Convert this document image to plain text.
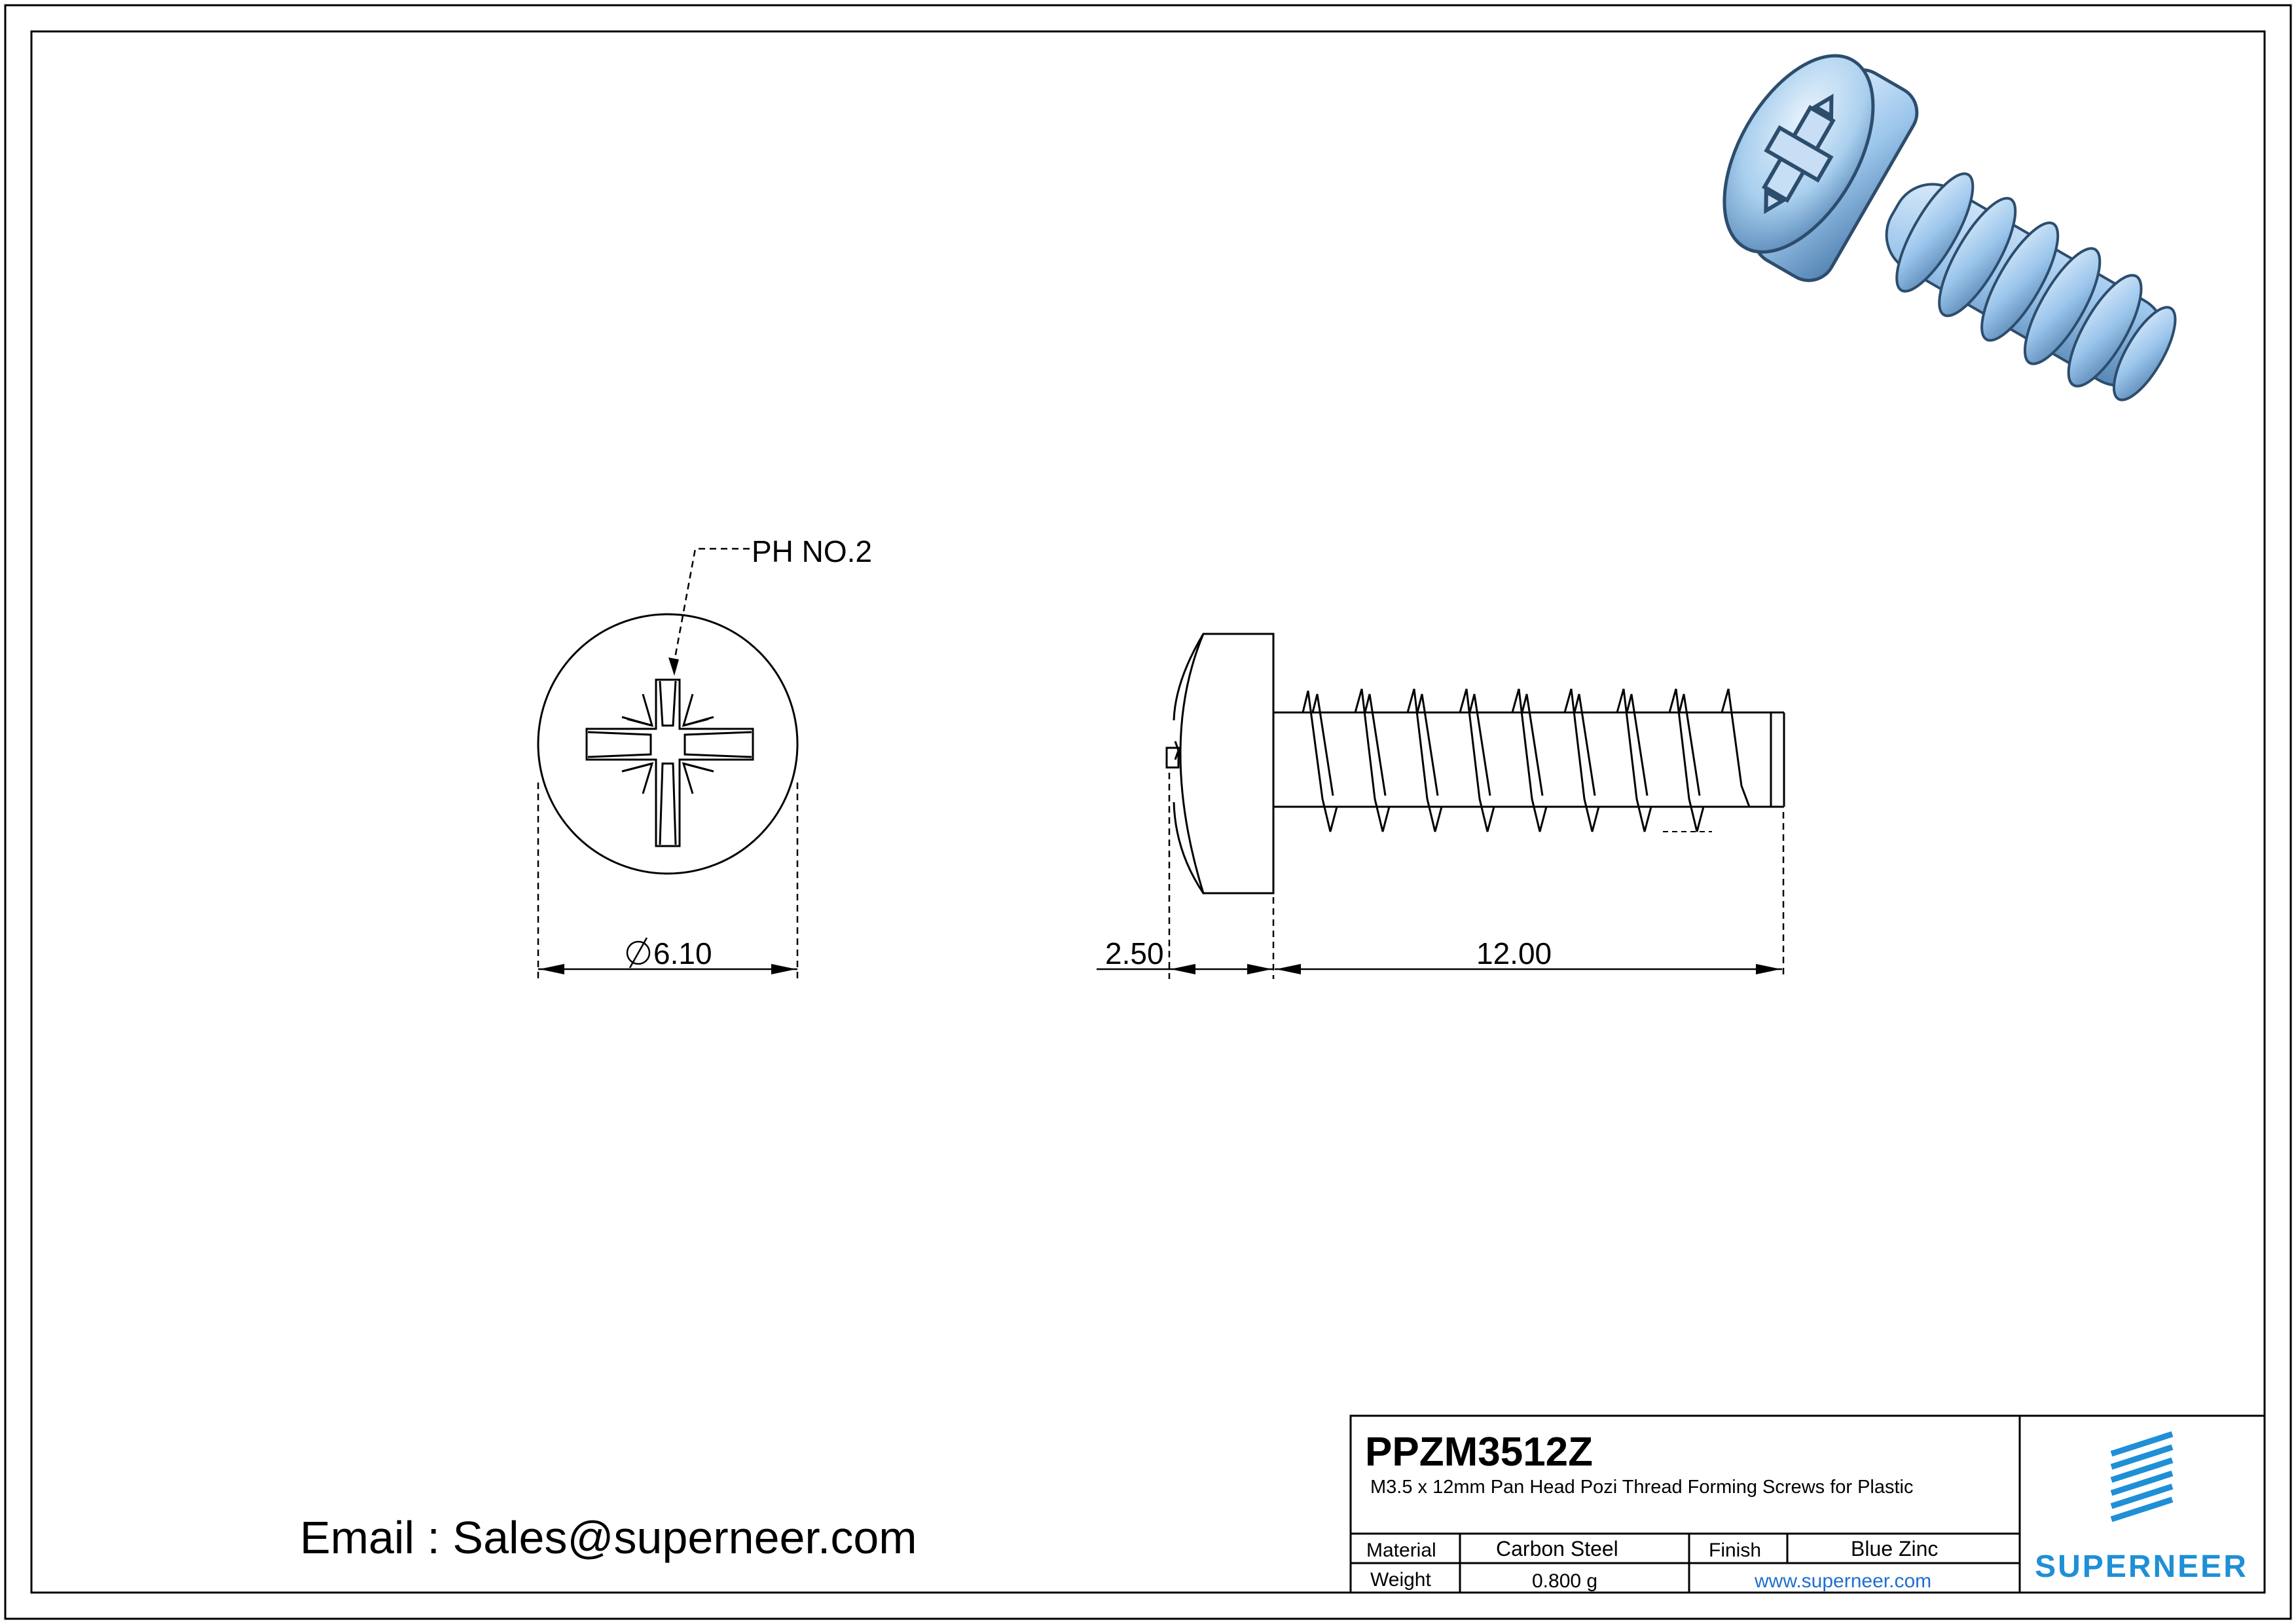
PH NO.2
6.10	2.50	12.00
Email : Sales@superneer.com
PPZM3512Z
M3.5 x 12mm Pan Head Pozi Thread Forming Screws for Plastic
Material	Carbon Steel	Finish	Blue Zinc
Weight	0.800 g	www.superneer.com	SUPERNEER
